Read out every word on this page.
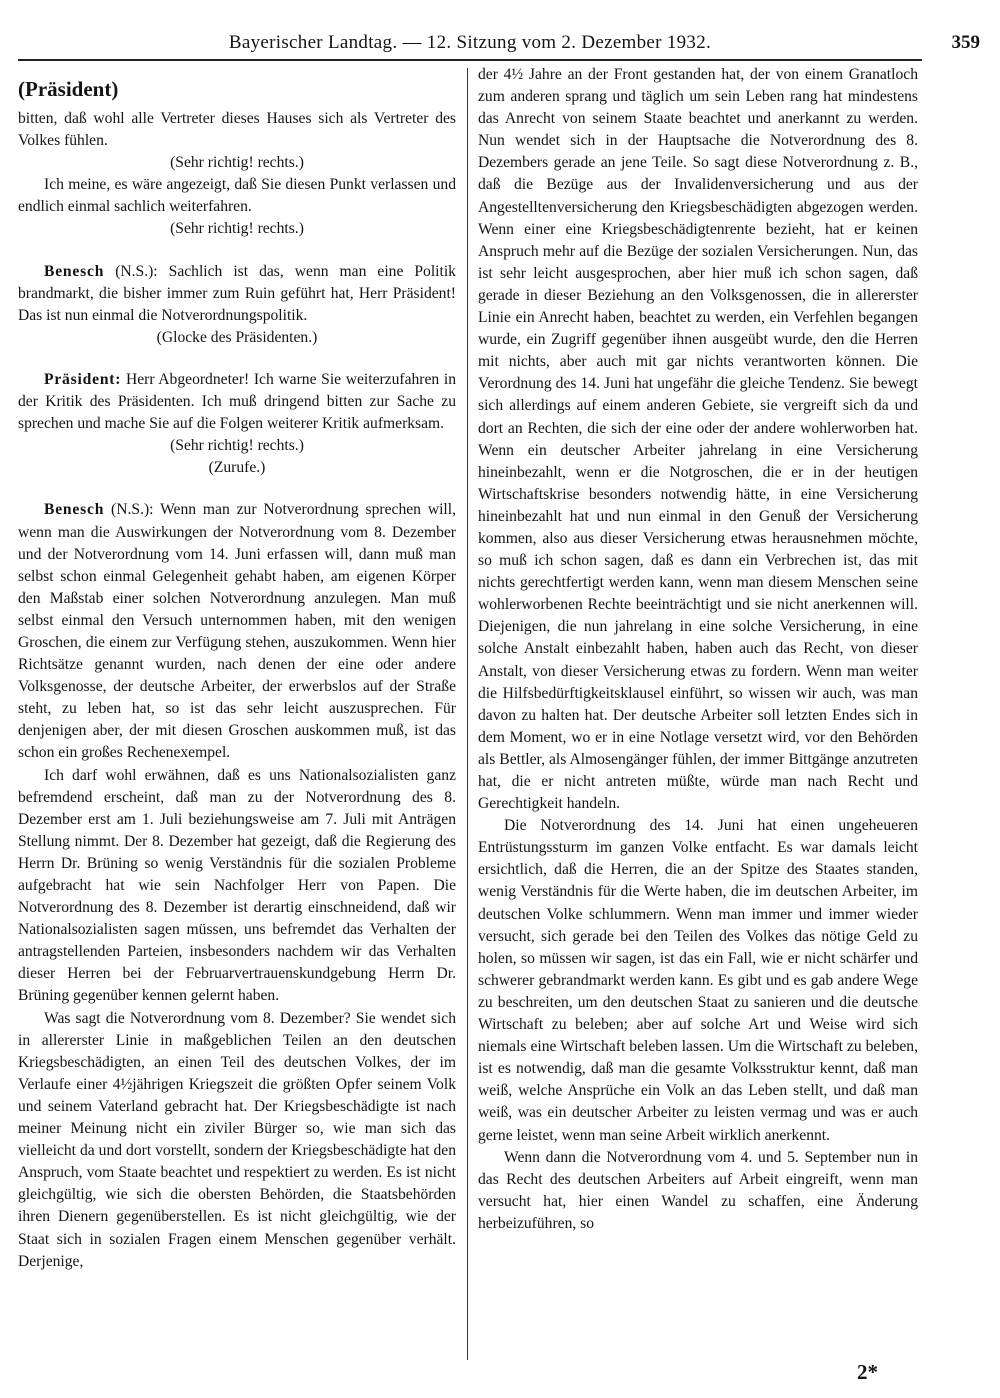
Bayerischer Landtag. — 12. Sitzung vom 2. Dezember 1932.	359

(Präsident)

bitten, daß wohl alle Vertreter dieses Hauses sich als Vertreter des Volkes fühlen.

(Sehr richtig! rechts.)

Ich meine, es wäre angezeigt, daß Sie diesen Punkt verlassen und endlich einmal sachlich weiterfahren.

(Sehr richtig! rechts.)

Benesch (N.S.): Sachlich ist das, wenn man eine Politik brandmarkt, die bisher immer zum Ruin geführt hat, Herr Präsident! Das ist nun einmal die Notverordnungspolitik.

(Glocke des Präsidenten.)

Präsident: Herr Abgeordneter! Ich warne Sie weiterzufahren in der Kritik des Präsidenten. Ich muß dringend bitten zur Sache zu sprechen und mache Sie auf die Folgen weiterer Kritik aufmerksam.

(Sehr richtig! rechts.)

(Zurufe.)

Benesch (N.S.): Wenn man zur Notverordnung sprechen will, wenn man die Auswirkungen der Notverordnung vom 8. Dezember und der Notverordnung vom 14. Juni erfassen will, dann muß man selbst schon einmal Gelegenheit gehabt haben, am eigenen Körper den Maßstab einer solchen Notverordnung anzulegen. Man muß selbst einmal den Versuch unternommen haben, mit den wenigen Groschen, die einem zur Verfügung stehen, auszukommen. Wenn hier Richtsätze genannt wurden, nach denen der eine oder andere Volksgenosse, der deutsche Arbeiter, der erwerbslos auf der Straße steht, zu leben hat, so ist das sehr leicht auszusprechen. Für denjenigen aber, der mit diesen Groschen auskommen muß, ist das schon ein großes Rechenexempel.

Ich darf wohl erwähnen, daß es uns Nationalsozialisten ganz befremdend erscheint, daß man zu der Notverordnung des 8. Dezember erst am 1. Juli beziehungsweise am 7. Juli mit Anträgen Stellung nimmt. Der 8. Dezember hat gezeigt, daß die Regierung des Herrn Dr. Brüning so wenig Verständnis für die sozialen Probleme aufgebracht hat wie sein Nachfolger Herr von Papen. Die Notverordnung des 8. Dezember ist derartig einschneidend, daß wir Nationalsozialisten sagen müssen, uns befremdet das Verhalten der antragstellenden Parteien, insbesonders nachdem wir das Verhalten dieser Herren bei der Februarvertrauenskundgebung Herrn Dr. Brüning gegenüber kennen gelernt haben.

Was sagt die Notverordnung vom 8. Dezember? Sie wendet sich in allererster Linie in maßgeblichen Teilen an den deutschen Kriegsbeschädigten, an einen Teil des deutschen Volkes, der im Verlaufe einer 4½jährigen Kriegszeit die größten Opfer seinem Volk und seinem Vaterland gebracht hat. Der Kriegsbeschädigte ist nach meiner Meinung nicht ein ziviler Bürger so, wie man sich das vielleicht da und dort vorstellt, sondern der Kriegsbeschädigte hat den Anspruch, vom Staate beachtet und respektiert zu werden. Es ist nicht gleichgültig, wie sich die obersten Behörden, die Staatsbehörden ihren Dienern gegenüberstellen. Es ist nicht gleichgültig, wie der Staat sich in sozialen Fragen einem Menschen gegenüber verhält. Derjenige,

der 4½ Jahre an der Front gestanden hat, der von einem Granatloch zum anderen sprang und täglich um sein Leben rang hat mindestens das Anrecht von seinem Staate beachtet und anerkannt zu werden. Nun wendet sich in der Hauptsache die Notverordnung des 8. Dezembers gerade an jene Teile. So sagt diese Notverordnung z. B., daß die Bezüge aus der Invalidenversicherung und aus der Angestelltenversicherung den Kriegsbeschädigten abgezogen werden. Wenn einer eine Kriegsbeschädigtenrente bezieht, hat er keinen Anspruch mehr auf die Bezüge der sozialen Versicherungen. Nun, das ist sehr leicht ausgesprochen, aber hier muß ich schon sagen, daß gerade in dieser Beziehung an den Volksgenossen, die in allererster Linie ein Anrecht haben, beachtet zu werden, ein Verfehlen begangen wurde, ein Zugriff gegenüber ihnen ausgeübt wurde, den die Herren mit nichts, aber auch mit gar nichts verantworten können. Die Verordnung des 14. Juni hat ungefähr die gleiche Tendenz. Sie bewegt sich allerdings auf einem anderen Gebiete, sie vergreift sich da und dort an Rechten, die sich der eine oder der andere wohlerworben hat. Wenn ein deutscher Arbeiter jahrelang in eine Versicherung hineinbezahlt, wenn er die Notgroschen, die er in der heutigen Wirtschaftskrise besonders notwendig hätte, in eine Versicherung hineinbezahlt hat und nun einmal in den Genuß der Versicherung kommen, also aus dieser Versicherung etwas herausnehmen möchte, so muß ich schon sagen, daß es dann ein Verbrechen ist, das mit nichts gerechtfertigt werden kann, wenn man diesem Menschen seine wohlerworbenen Rechte beeinträchtigt und sie nicht anerkennen will. Diejenigen, die nun jahrelang in eine solche Versicherung, in eine solche Anstalt einbezahlt haben, haben auch das Recht, von dieser Anstalt, von dieser Versicherung etwas zu fordern. Wenn man weiter die Hilfsbedürftigkeitsklausel einführt, so wissen wir auch, was man davon zu halten hat. Der deutsche Arbeiter soll letzten Endes sich in dem Moment, wo er in eine Notlage versetzt wird, vor den Behörden als Bettler, als Almosengänger fühlen, der immer Bittgänge anzutreten hat, die er nicht antreten müßte, würde man nach Recht und Gerechtigkeit handeln.

Die Notverordnung des 14. Juni hat einen ungeheueren Entrüstungssturm im ganzen Volke entfacht. Es war damals leicht ersichtlich, daß die Herren, die an der Spitze des Staates standen, wenig Verständnis für die Werte haben, die im deutschen Arbeiter, im deutschen Volke schlummern. Wenn man immer und immer wieder versucht, sich gerade bei den Teilen des Volkes das nötige Geld zu holen, so müssen wir sagen, ist das ein Fall, wie er nicht schärfer und schwerer gebrandmarkt werden kann. Es gibt und es gab andere Wege zu beschreiten, um den deutschen Staat zu sanieren und die deutsche Wirtschaft zu beleben; aber auf solche Art und Weise wird sich niemals eine Wirtschaft beleben lassen. Um die Wirtschaft zu beleben, ist es notwendig, daß man die gesamte Volksstruktur kennt, daß man weiß, welche Ansprüche ein Volk an das Leben stellt, und daß man weiß, was ein deutscher Arbeiter zu leisten vermag und was er auch gerne leistet, wenn man seine Arbeit wirklich anerkennt.

Wenn dann die Notverordnung vom 4. und 5. September nun in das Recht des deutschen Arbeiters auf Arbeit eingreift, wenn man versucht hat, hier einen Wandel zu schaffen, eine Änderung herbeizuführen, so

2*
